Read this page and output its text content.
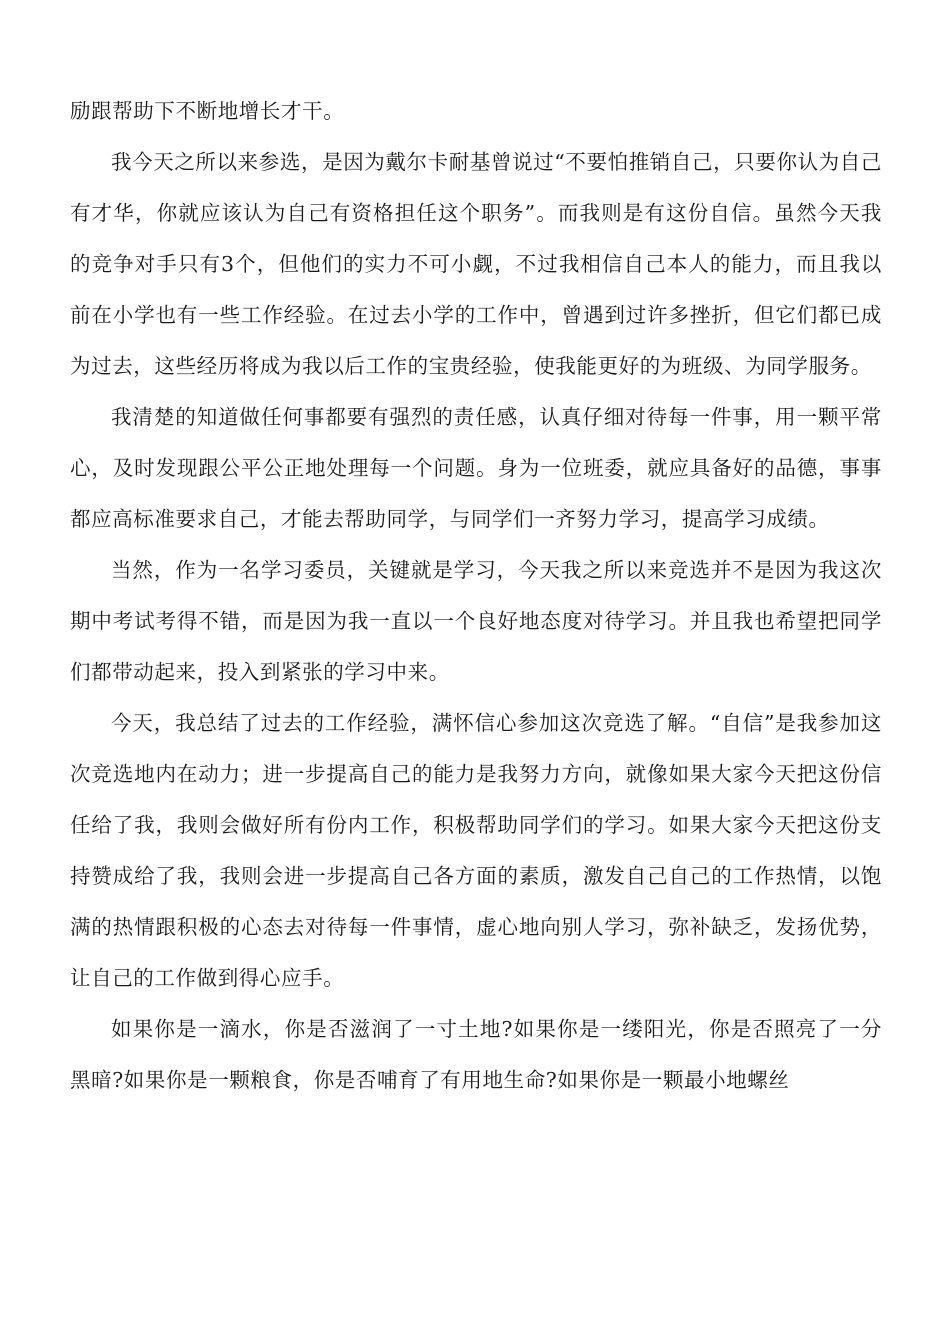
励跟帮助下不断地增长才干。

我今天之所以来参选，是因为戴尔卡耐基曾说过“不要怕推销自己，只要你认为自己有才华，你就应该认为自己有资格担任这个职务”。而我则是有这份自信。虽然今天我的竞争对手只有3个，但他们的实力不可小觑，不过我相信自己本人的能力，而且我以前在小学也有一些工作经验。在过去小学的工作中，曾遇到过许多挫折，但它们都已成为过去，这些经历将成为我以后工作的宝贵经验，使我能更好的为班级、为同学服务。

我清楚的知道做任何事都要有强烈的责任感，认真仔细对待每一件事，用一颗平常心，及时发现跟公平公正地处理每一个问题。身为一位班委，就应具备好的品德，事事都应高标准要求自己，才能去帮助同学，与同学们一齐努力学习，提高学习成绩。

当然，作为一名学习委员，关键就是学习，今天我之所以来竞选并不是因为我这次期中考试考得不错，而是因为我一直以一个良好地态度对待学习。并且我也希望把同学们都带动起来，投入到紧张的学习中来。

今天，我总结了过去的工作经验，满怀信心参加这次竞选了解。“自信”是我参加这次竞选地内在动力；进一步提高自己的能力是我努力方向，就像如果大家今天把这份信任给了我，我则会做好所有份内工作，积极帮助同学们的学习。如果大家今天把这份支持赞成给了我，我则会进一步提高自己各方面的素质，激发自己自己的工作热情，以饱满的热情跟积极的心态去对待每一件事情，虚心地向别人学习，弥补缺乏，发扬优势，让自己的工作做到得心应手。

如果你是一滴水，你是否滋润了一寸土地?如果你是一缕阳光，你是否照亮了一分黑暗?如果你是一颗粮食，你是否哺育了有用地生命?如果你是一颗最小地螺丝
